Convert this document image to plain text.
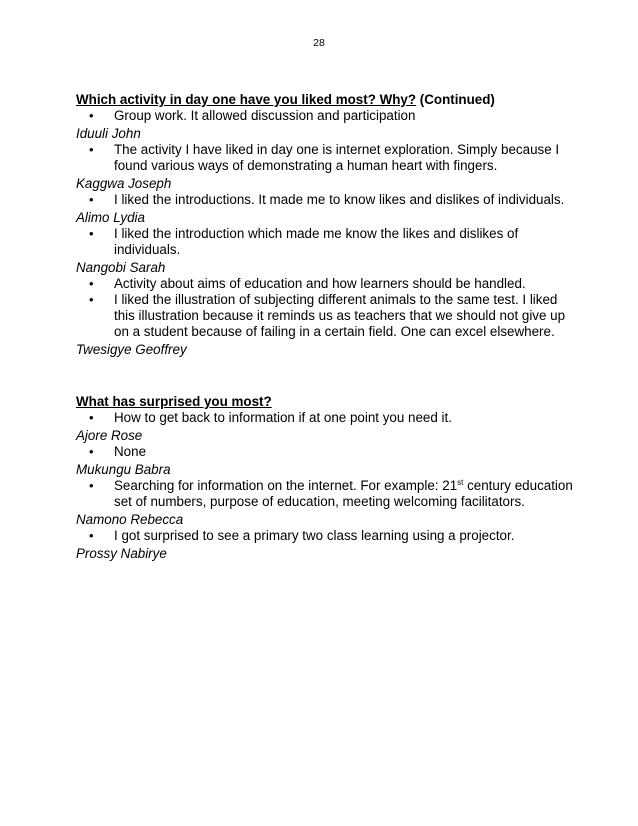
28

Which activity in day one have you liked most? Why? (Continued)

• Group work. It allowed discussion and participation

Iduuli John

• The activity I have liked in day one is internet exploration. Simply because I found various ways of demonstrating a human heart with fingers.

Kaggwa Joseph

• I liked the introductions. It made me to know likes and dislikes of individuals.

Alimo Lydia

• I liked the introduction which made me know the likes and dislikes of individuals.

Nangobi Sarah

• Activity about aims of education and how learners should be handled.
• I liked the illustration of subjecting different animals to the same test. I liked this illustration because it reminds us as teachers that we should not give up on a student because of failing in a certain field. One can excel elsewhere.

Twesigye Geoffrey

What has surprised you most?

• How to get back to information if at one point you need it.

Ajore Rose

• None

Mukungu Babra

• Searching for information on the internet. For example: 21st century education set of numbers, purpose of education, meeting welcoming facilitators.

Namono Rebecca

• I got surprised to see a primary two class learning using a projector.

Prossy Nabirye
